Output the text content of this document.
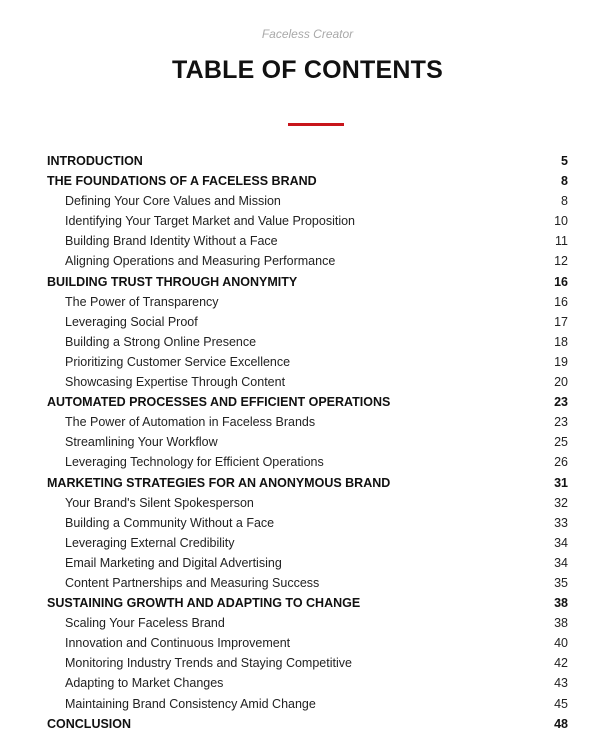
Faceless Creator
TABLE OF CONTENTS
INTRODUCTION	5
THE FOUNDATIONS OF A FACELESS BRAND	8
Defining Your Core Values and Mission	8
Identifying Your Target Market and Value Proposition	10
Building Brand Identity Without a Face	11
Aligning Operations and Measuring Performance	12
BUILDING TRUST THROUGH ANONYMITY	16
The Power of Transparency	16
Leveraging Social Proof	17
Building a Strong Online Presence	18
Prioritizing Customer Service Excellence	19
Showcasing Expertise Through Content	20
AUTOMATED PROCESSES AND EFFICIENT OPERATIONS	23
The Power of Automation in Faceless Brands	23
Streamlining Your Workflow	25
Leveraging Technology for Efficient Operations	26
MARKETING STRATEGIES FOR AN ANONYMOUS BRAND	31
Your Brand's Silent Spokesperson	32
Building a Community Without a Face	33
Leveraging External Credibility	34
Email Marketing and Digital Advertising	34
Content Partnerships and Measuring Success	35
SUSTAINING GROWTH AND ADAPTING TO CHANGE	38
Scaling Your Faceless Brand	38
Innovation and Continuous Improvement	40
Monitoring Industry Trends and Staying Competitive	42
Adapting to Market Changes	43
Maintaining Brand Consistency Amid Change	45
CONCLUSION	48
